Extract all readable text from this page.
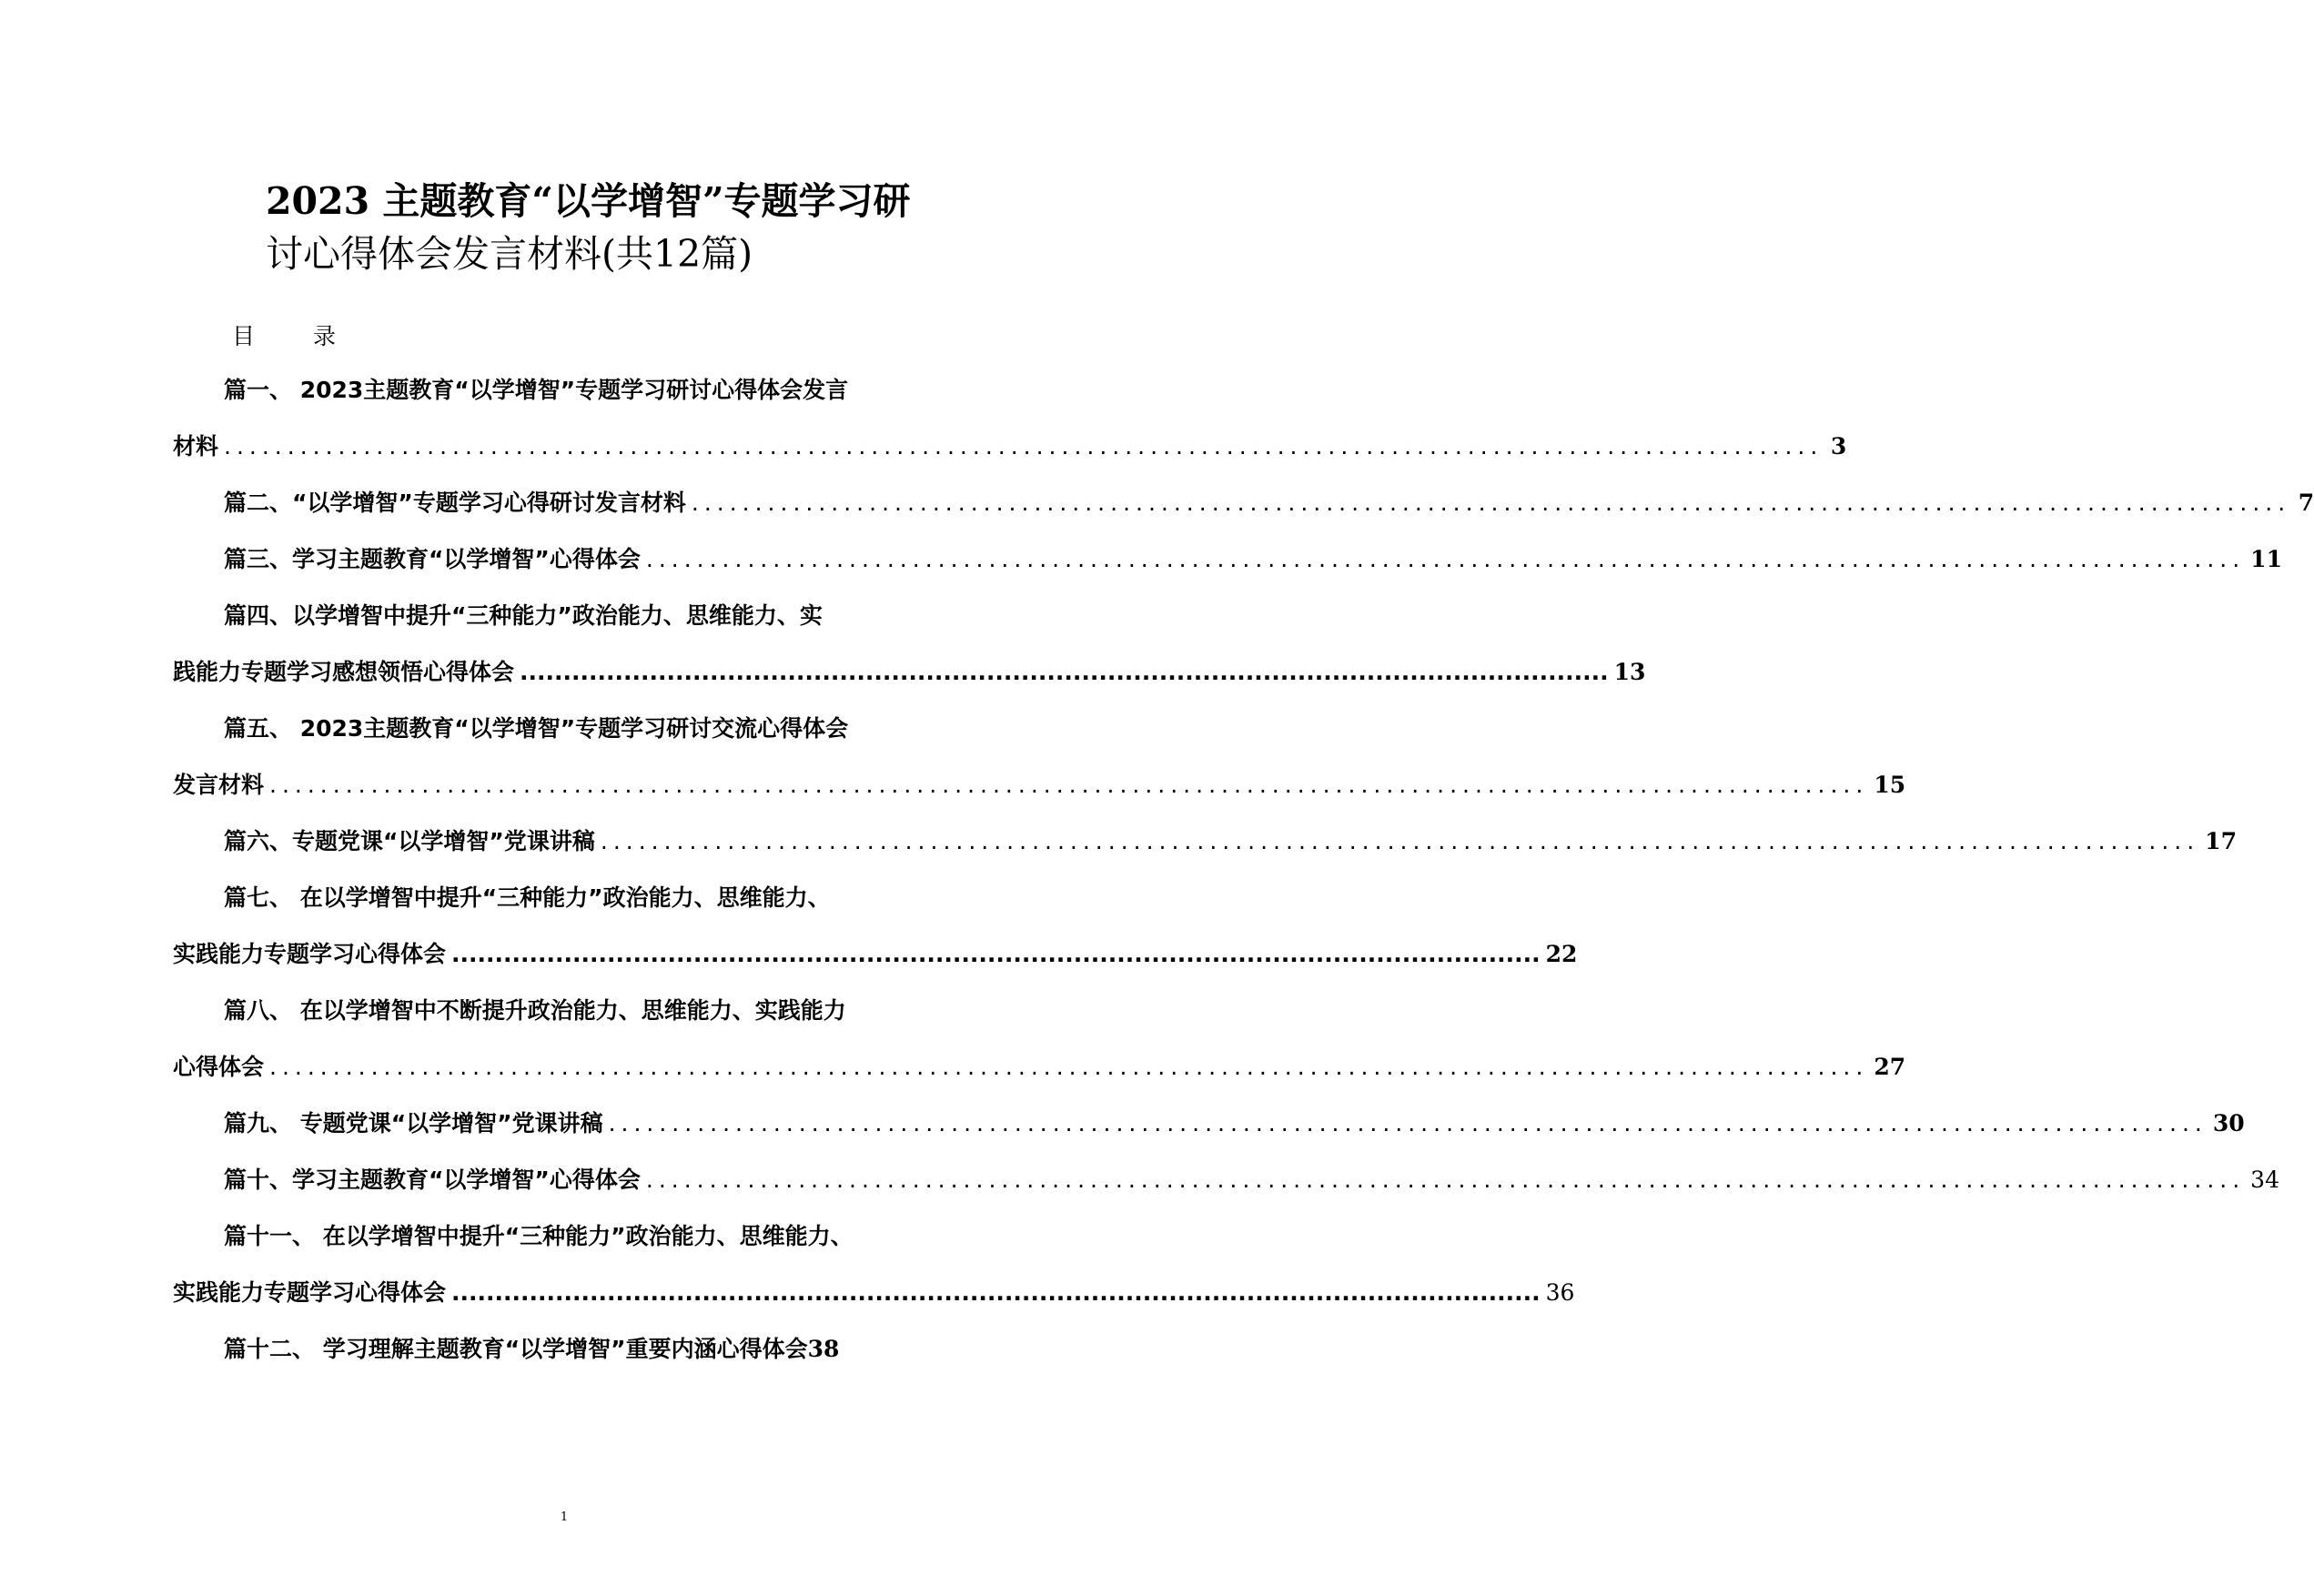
2023 主题教育“以学增智”专题学习研
讨心得体会发言材料(共12篇)
目 录
篇一、 2023主题教育“以学增智”专题学习研讨心得体会发言
材料 .............................................................................................................................. 3
篇二、“以学增智”专题学习心得研讨发言材料 .............................................................................................................................. 7
篇三、学习主题教育“以学增智”心得体会 .............................................................................................................................. 11
篇四、以学增智中提升“三种能力”政治能力、思维能力、实
践能力专题学习感想领悟心得体会 .............................................................................................................................. 13
篇五、 2023主题教育“以学增智”专题学习研讨交流心得体会
发言材料 .............................................................................................................................. 15
篇六、专题党课“以学增智”党课讲稿 .............................................................................................................................. 17
篇七、 在以学增智中提升“三种能力”政治能力、思维能力、
实践能力专题学习心得体会 .............................................................................................................................. 22
篇八、 在以学增智中不断提升政治能力、思维能力、实践能力
心得体会 .............................................................................................................................. 27
篇九、 专题党课“以学增智”党课讲稿 .............................................................................................................................. 30
篇十、学习主题教育“以学增智”心得体会 .............................................................................................................................. 34
篇十一、 在以学增智中提升“三种能力”政治能力、思维能力、
实践能力专题学习心得体会 .............................................................................................................................. 36
篇十二、 学习理解主题教育“以学增智”重要内涵心得体会 38
1
